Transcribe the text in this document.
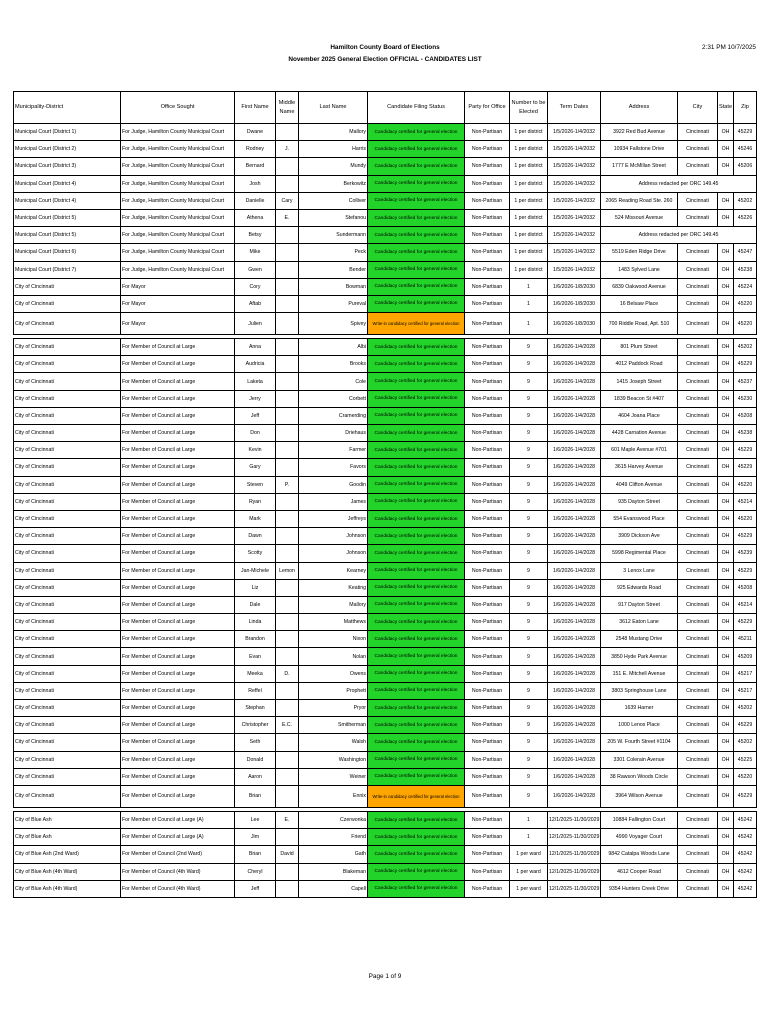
Hamilton County Board of Elections
November 2025 General Election OFFICIAL - CANDIDATES LIST
2:31 PM 10/7/2025
Municipality-District	Office Sought	First Name	Middle Name	Last Name	Candidate Filing Status	Party for Office	Number to be Elected	Term Dates	Address	City	State	Zip
Municipal Court (District 1)	For Judge, Hamilton County Municipal Court	Dwane		Mallory	Candidacy certified for general election	Non-Partisan	1 per district	1/5/2026-1/4/2032	3922 Red Bud Avenue	Cincinnati	OH	45229
Municipal Court (District 2)	For Judge, Hamilton County Municipal Court	Rodney	J.	Harris	Candidacy certified for general election	Non-Partisan	1 per district	1/5/2026-1/4/2032	10934 Fallstone Drive	Cincinnati	OH	45246
Municipal Court (District 3)	For Judge, Hamilton County Municipal Court	Bernard		Mundy	Candidacy certified for general election	Non-Partisan	1 per district	1/5/2026-1/4/2032	1777 E McMillan Street	Cincinnati	OH	45206
Municipal Court (District 4)	For Judge, Hamilton County Municipal Court	Josh		Berkowitz	Candidacy certified for general election	Non-Partisan	1 per district	1/5/2026-1/4/2032	Address redacted per ORC 149.45			
Municipal Court (District 4)	For Judge, Hamilton County Municipal Court	Danielle	Cary	Colliver	Candidacy certified for general election	Non-Partisan	1 per district	1/5/2026-1/4/2032	2065 Reading Road Ste. 260	Cincinnati	OH	45202
Municipal Court (District 5)	For Judge, Hamilton County Municipal Court	Athena	E.	Stefanou	Candidacy certified for general election	Non-Partisan	1 per district	1/5/2026-1/4/2032	524 Missouri Avenue	Cincinnati	OH	45226
Municipal Court (District 5)	For Judge, Hamilton County Municipal Court	Betsy		Sundermann	Candidacy certified for general election	Non-Partisan	1 per district	1/5/2026-1/4/2032	Address redacted per ORC 149.45			
Municipal Court (District 6)	For Judge, Hamilton County Municipal Court	Mike		Peck	Candidacy certified for general election	Non-Partisan	1 per district	1/5/2026-1/4/2032	5519 Eden Ridge Drive	Cincinnati	OH	45247
Municipal Court (District 7)	For Judge, Hamilton County Municipal Court	Gwen		Bender	Candidacy certified for general election	Non-Partisan	1 per district	1/5/2026-1/4/2032	1483 Sylved Lane	Cincinnati	OH	45238
City of Cincinnati	For Mayor	Cory		Bowman	Candidacy certified for general election	Non-Partisan	1	1/6/2026-1/8/2030	6839 Oakwood Avenue	Cincinnati	OH	45224
City of Cincinnati	For Mayor	Aftab		Pureval	Candidacy certified for general election	Non-Partisan	1	1/6/2026-1/8/2030	16 Belsaw Place	Cincinnati	OH	45220
City of Cincinnati	For Mayor	Julien		Spivey	Write-in candidacy certified for general election	Non-Partisan	1	1/6/2026-1/8/2030	700 Riddle Road, Apt. 510	Cincinnati	OH	45220

City of Cincinnati	For Member of Council at Large	Anna		Albi	Candidacy certified for general election	Non-Partisan	9	1/6/2026-1/4/2028	801 Plum Street	Cincinnati	OH	45202
City of Cincinnati	For Member of Council at Large	Audricia		Brooks	Candidacy certified for general election	Non-Partisan	9	1/6/2026-1/4/2028	4012 Paddock Road	Cincinnati	OH	45229
City of Cincinnati	For Member of Council at Large	Laketa		Cole	Candidacy certified for general election	Non-Partisan	9	1/6/2026-1/4/2028	1415 Joseph Street	Cincinnati	OH	45237
City of Cincinnati	For Member of Council at Large	Jerry		Corbett	Candidacy certified for general election	Non-Partisan	9	1/6/2026-1/4/2028	1839 Beacon St #407	Cincinnati	OH	45230
City of Cincinnati	For Member of Council at Large	Jeff		Cramerding	Candidacy certified for general election	Non-Partisan	9	1/6/2026-1/4/2028	4604 Joana Place	Cincinnati	OH	45208
City of Cincinnati	For Member of Council at Large	Don		Driehaus	Candidacy certified for general election	Non-Partisan	9	1/6/2026-1/4/2028	4428 Carnation Avenue	Cincinnati	OH	45238
City of Cincinnati	For Member of Council at Large	Kevin		Farmer	Candidacy certified for general election	Non-Partisan	9	1/6/2026-1/4/2028	601 Maple Avenue #701	Cincinnati	OH	45229
City of Cincinnati	For Member of Council at Large	Gary		Favors	Candidacy certified for general election	Non-Partisan	9	1/6/2026-1/4/2028	3615 Harvey Avenue	Cincinnati	OH	45229
City of Cincinnati	For Member of Council at Large	Steven	P.	Goodin	Candidacy certified for general election	Non-Partisan	9	1/6/2026-1/4/2028	4049 Clifton Avenue	Cincinnati	OH	45220
City of Cincinnati	For Member of Council at Large	Ryan		James	Candidacy certified for general election	Non-Partisan	9	1/6/2026-1/4/2028	935 Dayton Street	Cincinnati	OH	45214
City of Cincinnati	For Member of Council at Large	Mark		Jeffreys	Candidacy certified for general election	Non-Partisan	9	1/6/2026-1/4/2028	554 Evanswood Place	Cincinnati	OH	45220
City of Cincinnati	For Member of Council at Large	Dawn		Johnson	Candidacy certified for general election	Non-Partisan	9	1/6/2026-1/4/2028	3909 Dickson Ave	Cincinnati	OH	45229
City of Cincinnati	For Member of Council at Large	Scotty		Johnson	Candidacy certified for general election	Non-Partisan	9	1/6/2026-1/4/2028	5998 Regimental Place	Cincinnati	OH	45239
City of Cincinnati	For Member of Council at Large	Jan-Michele	Lemon	Kearney	Candidacy certified for general election	Non-Partisan	9	1/6/2026-1/4/2028	3 Lenox Lane	Cincinnati	OH	45229
City of Cincinnati	For Member of Council at Large	Liz		Keating	Candidacy certified for general election	Non-Partisan	9	1/6/2026-1/4/2028	925 Edwards Road	Cincinnati	OH	45208
City of Cincinnati	For Member of Council at Large	Dale		Mallory	Candidacy certified for general election	Non-Partisan	9	1/6/2026-1/4/2028	917 Dayton Street	Cincinnati	OH	45214
City of Cincinnati	For Member of Council at Large	Linda		Matthews	Candidacy certified for general election	Non-Partisan	9	1/6/2026-1/4/2028	3612 Eaton Lane	Cincinnati	OH	45229
City of Cincinnati	For Member of Council at Large	Brandon		Nixon	Candidacy certified for general election	Non-Partisan	9	1/6/2026-1/4/2028	2548 Mustang Drive	Cincinnati	OH	45211
City of Cincinnati	For Member of Council at Large	Evan		Nolan	Candidacy certified for general election	Non-Partisan	9	1/6/2026-1/4/2028	3850 Hyde Park Avenue	Cincinnati	OH	45209
City of Cincinnati	For Member of Council at Large	Meeka	D.	Owens	Candidacy certified for general election	Non-Partisan	9	1/6/2026-1/4/2028	151 E. Mitchell Avenue	Cincinnati	OH	45217
City of Cincinnati	For Member of Council at Large	Reffel		Prophett	Candidacy certified for general election	Non-Partisan	9	1/6/2026-1/4/2028	3803 Springhouse Lane	Cincinnati	OH	45217
City of Cincinnati	For Member of Council at Large	Stephan		Pryor	Candidacy certified for general election	Non-Partisan	9	1/6/2026-1/4/2028	1639 Harner	Cincinnati	OH	45202
City of Cincinnati	For Member of Council at Large	Christopher	E.C.	Smitherman	Candidacy certified for general election	Non-Partisan	9	1/6/2026-1/4/2028	1000 Lenox Place	Cincinnati	OH	45229
City of Cincinnati	For Member of Council at Large	Seth		Walsh	Candidacy certified for general election	Non-Partisan	9	1/6/2026-1/4/2028	205 W. Fourth Street #1104	Cincinnati	OH	45202
City of Cincinnati	For Member of Council at Large	Donald		Washington	Candidacy certified for general election	Non-Partisan	9	1/6/2026-1/4/2028	3301 Colerain Avenue	Cincinnati	OH	45225
City of Cincinnati	For Member of Council at Large	Aaron		Weiner	Candidacy certified for general election	Non-Partisan	9	1/6/2026-1/4/2028	38 Rawson Woods Circle	Cincinnati	OH	45220
City of Cincinnati	For Member of Council at Large	Brian		Ennix	Write-in candidacy certified for general election	Non-Partisan	9	1/6/2026-1/4/2028	3964 Wilson Avenue	Cincinnati	OH	45229

City of Blue Ash	For Member of Council at Large (A)	Lee	E.	Czerwonka	Candidacy certified for general election	Non-Partisan	1	12/1/2025-11/30/2029	10884 Fallington Court	Cincinnati	OH	45242
City of Blue Ash	For Member of Council at Large (A)	Jim		Friend	Candidacy certified for general election	Non-Partisan	1	12/1/2025-11/30/2029	4990 Voyager Court	Cincinnati	OH	45242
City of Blue Ash (2nd Ward)	For Member of Council (2nd Ward)	Brian	David	Gath	Candidacy certified for general election	Non-Partisan	1 per ward	12/1/2025-11/30/2029	9842 Catalpa Woods Lane	Cincinnati	OH	45242
City of Blue Ash (4th Ward)	For Member of Council (4th Ward)	Cheryl		Blakeman	Candidacy certified for general election	Non-Partisan	1 per ward	12/1/2025-11/30/2029	4612 Cooper Road	Cincinnati	OH	45242
City of Blue Ash (4th Ward)	For Member of Council (4th Ward)	Jeff		Capell	Candidacy certified for general election	Non-Partisan	1 per ward	12/1/2025-11/30/2029	9354 Hunters Creek Drive	Cincinnati	OH	45242
Page 1 of 9
